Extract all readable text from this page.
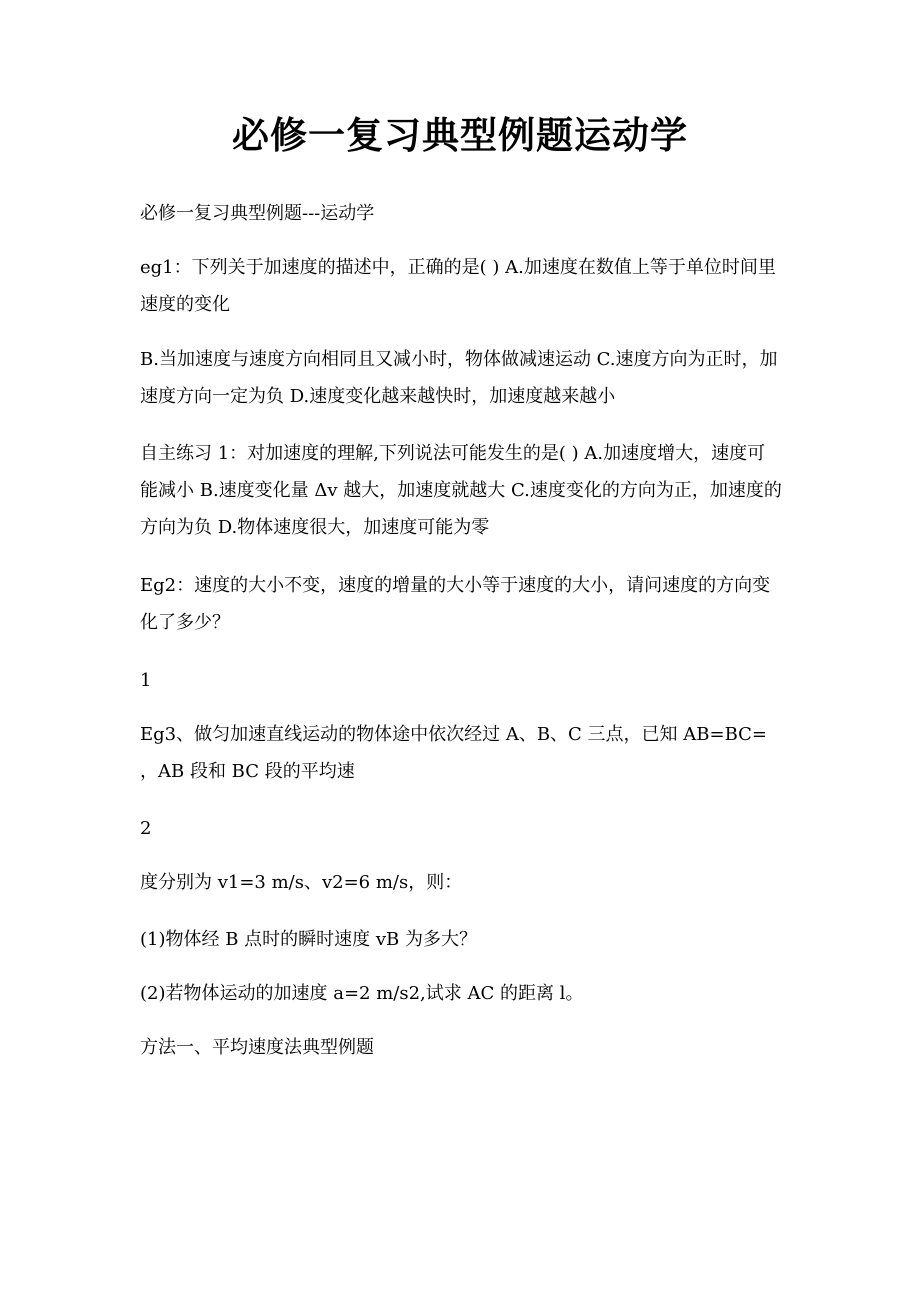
必修一复习典型例题运动学
必修一复习典型例题---运动学
eg1：下列关于加速度的描述中，正确的是( ) A.加速度在数值上等于单位时间里速度的变化
B.当加速度与速度方向相同且又减小时，物体做减速运动 C.速度方向为正时，加速度方向一定为负 D.速度变化越来越快时，加速度越来越小
自主练习 1：对加速度的理解,下列说法可能发生的是( ) A.加速度增大，速度可能减小 B.速度变化量 Δv 越大，加速度就越大 C.速度变化的方向为正，加速度的方向为负 D.物体速度很大，加速度可能为零
Eg2：速度的大小不变，速度的增量的大小等于速度的大小，请问速度的方向变化了多少？
1
Eg3、做匀加速直线运动的物体途中依次经过 A、B、C 三点，已知 AB=BC= ，AB 段和 BC 段的平均速
2
度分别为 v1=3 m/s、v2=6 m/s，则：
(1)物体经 B 点时的瞬时速度 vB 为多大？
(2)若物体运动的加速度 a=2 m/s2,试求 AC 的距离 l。
方法一、平均速度法典型例题
